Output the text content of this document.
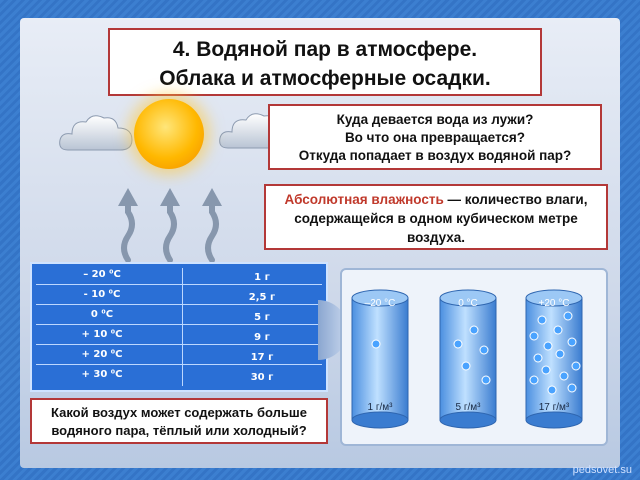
4. Водяной пар в атмосфере.
Облака и атмосферные осадки.
Куда девается вода из лужи?
Во что она превращается?
Откуда попадает в воздух водяной пар?
Абсолютная влажность — количество влаги, содержащейся в одном кубическом метре воздуха.
– 20 ⁰С
- 10 ⁰С
0 ⁰С
+ 10 ⁰С
+ 20 ⁰С
+ 30 ⁰С
1 г
2,5 г
5 г
9 г
17 г
30 г
–20 °C
1 г/м³
0 °C
5 г/м³
+20 °C
17 г/м³
Какой воздух может содержать больше водяного пара, тёплый или холодный?
pedsovet.su
